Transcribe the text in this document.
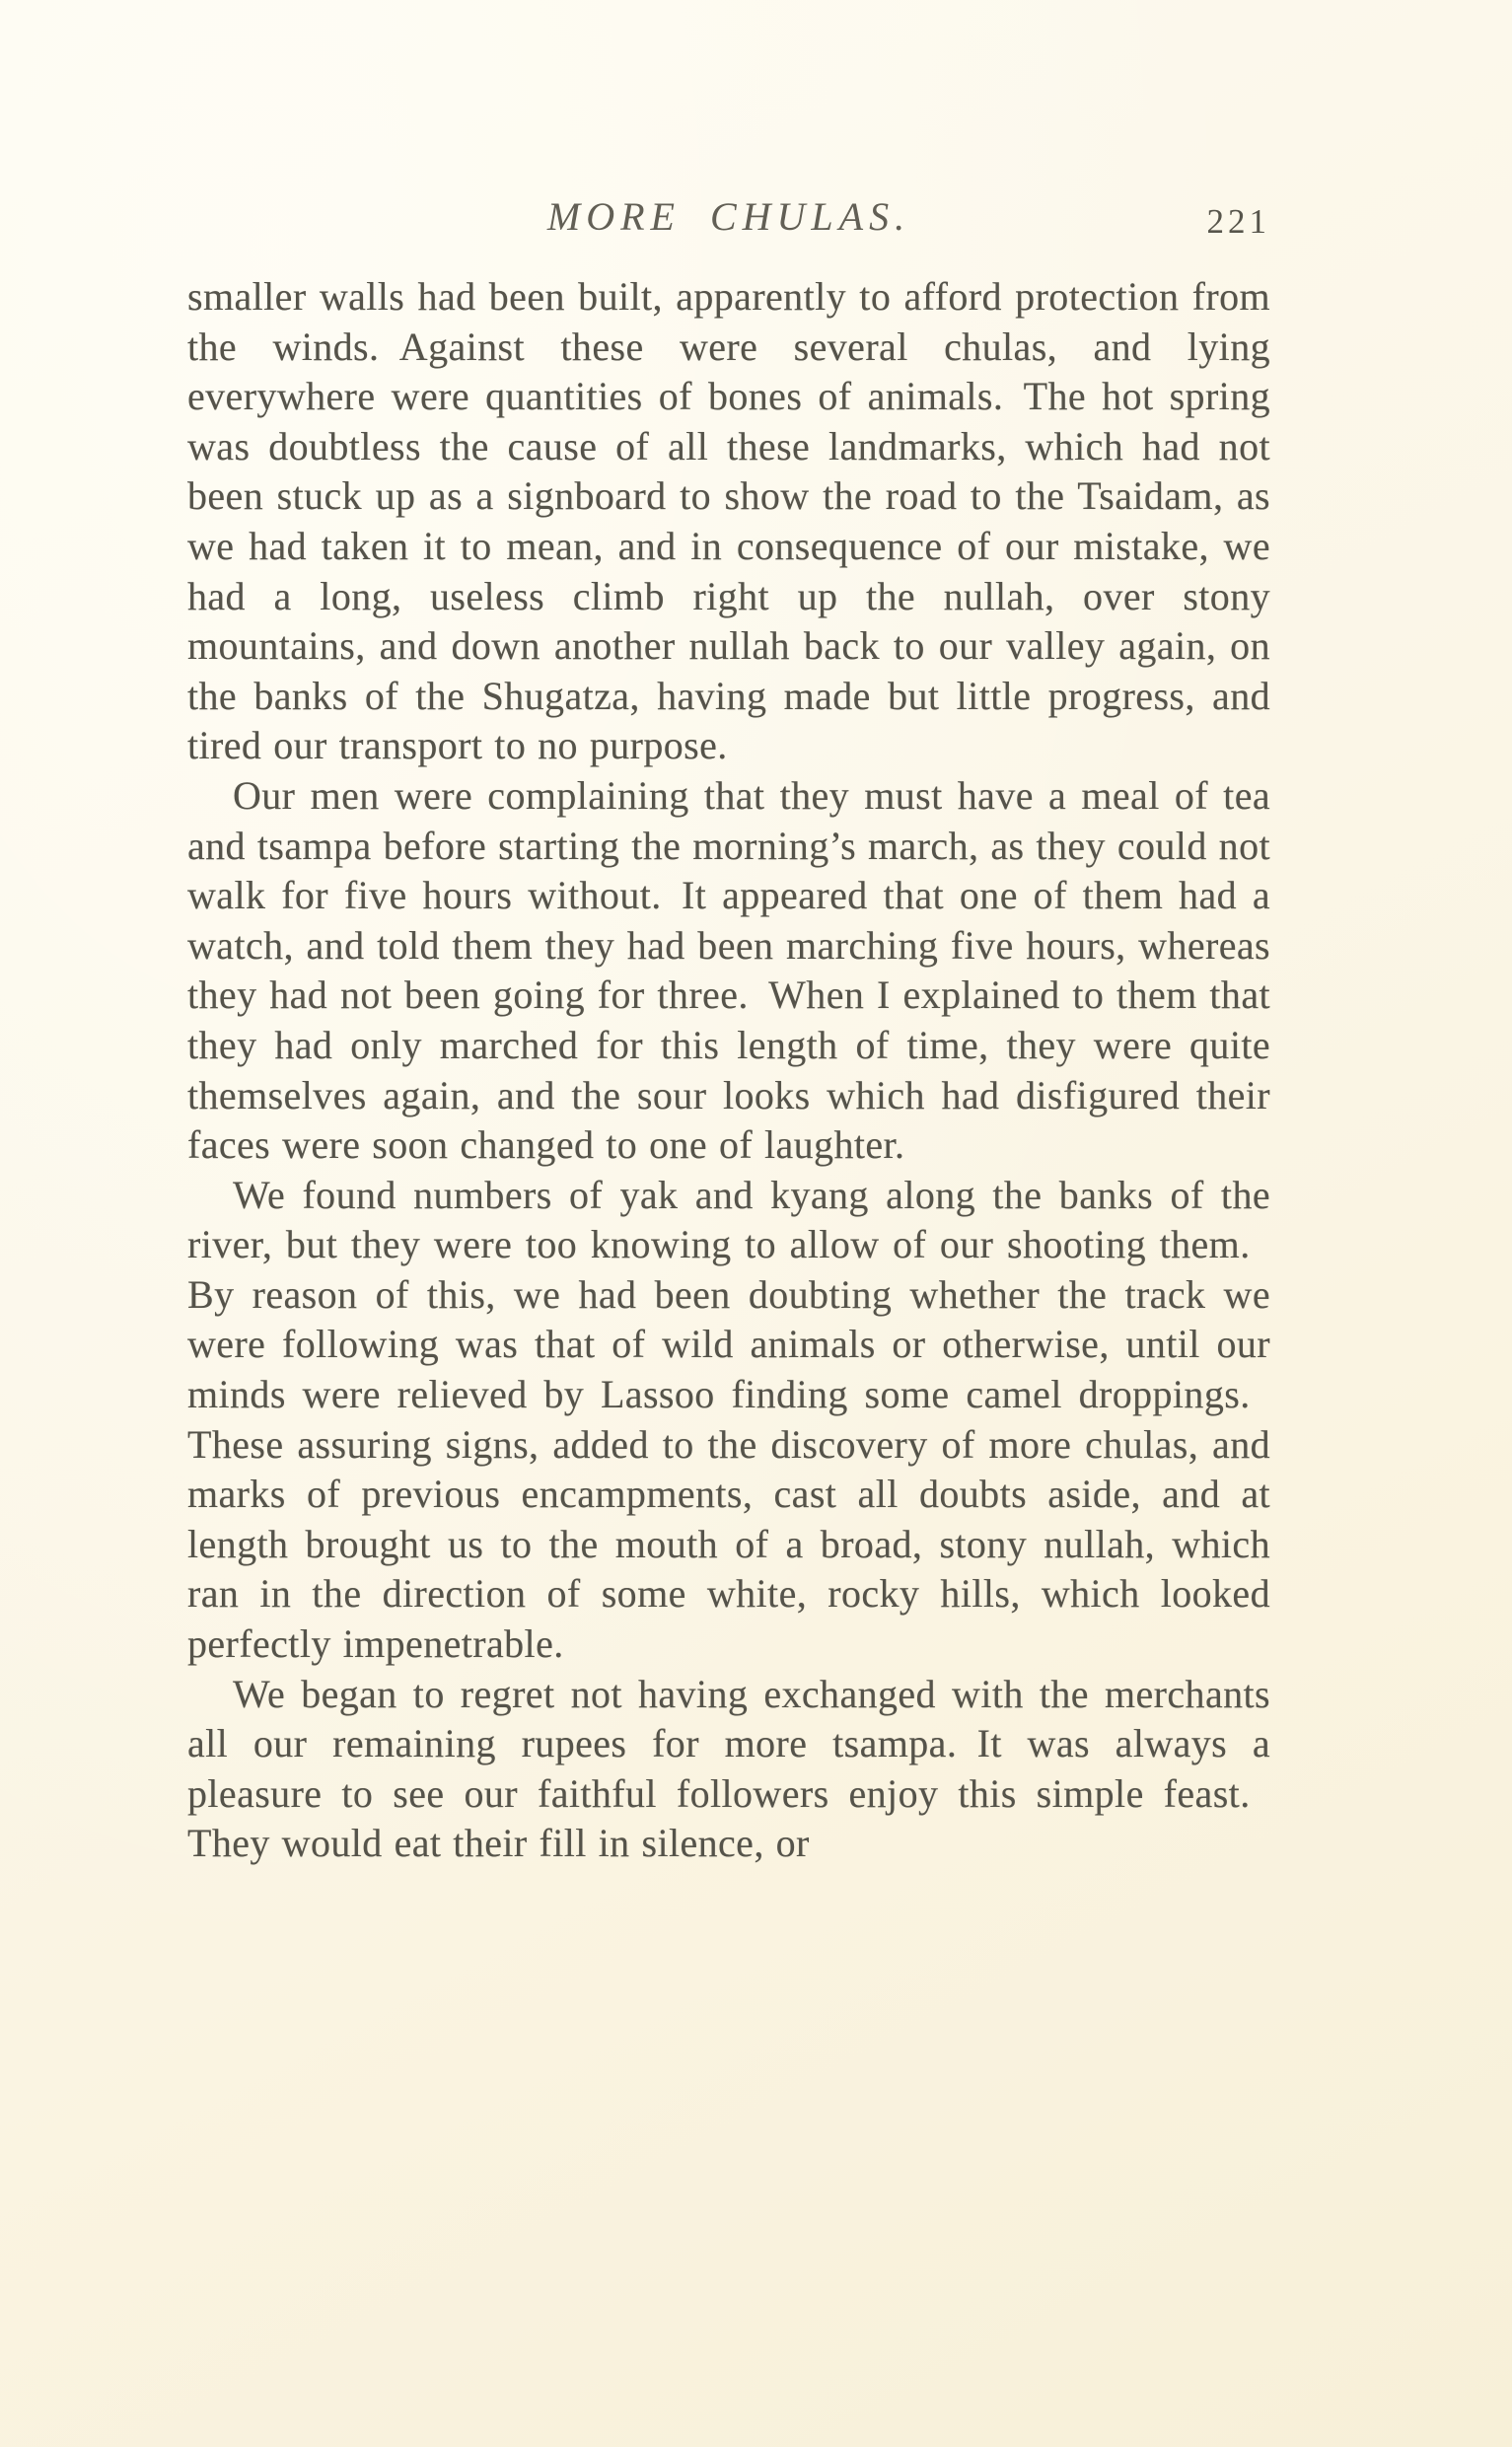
MORE CHULAS.	221

smaller walls had been built, apparently to afford protection from the winds. Against these were several chulas, and lying everywhere were quantities of bones of animals. The hot spring was doubtless the cause of all these landmarks, which had not been stuck up as a signboard to show the road to the Tsaidam, as we had taken it to mean, and in consequence of our mistake, we had a long, useless climb right up the nullah, over stony mountains, and down another nullah back to our valley again, on the banks of the Shugatza, having made but little progress, and tired our transport to no purpose.

Our men were complaining that they must have a meal of tea and tsampa before starting the morning’s march, as they could not walk for five hours without. It appeared that one of them had a watch, and told them they had been marching five hours, whereas they had not been going for three. When I explained to them that they had only marched for this length of time, they were quite themselves again, and the sour looks which had disfigured their faces were soon changed to one of laughter.

We found numbers of yak and kyang along the banks of the river, but they were too knowing to allow of our shooting them. By reason of this, we had been doubting whether the track we were following was that of wild animals or otherwise, until our minds were relieved by Lassoo finding some camel droppings. These assuring signs, added to the discovery of more chulas, and marks of previous encampments, cast all doubts aside, and at length brought us to the mouth of a broad, stony nullah, which ran in the direction of some white, rocky hills, which looked perfectly impenetrable.

We began to regret not having exchanged with the merchants all our remaining rupees for more tsampa. It was always a pleasure to see our faithful followers enjoy this simple feast. They would eat their fill in silence, or
